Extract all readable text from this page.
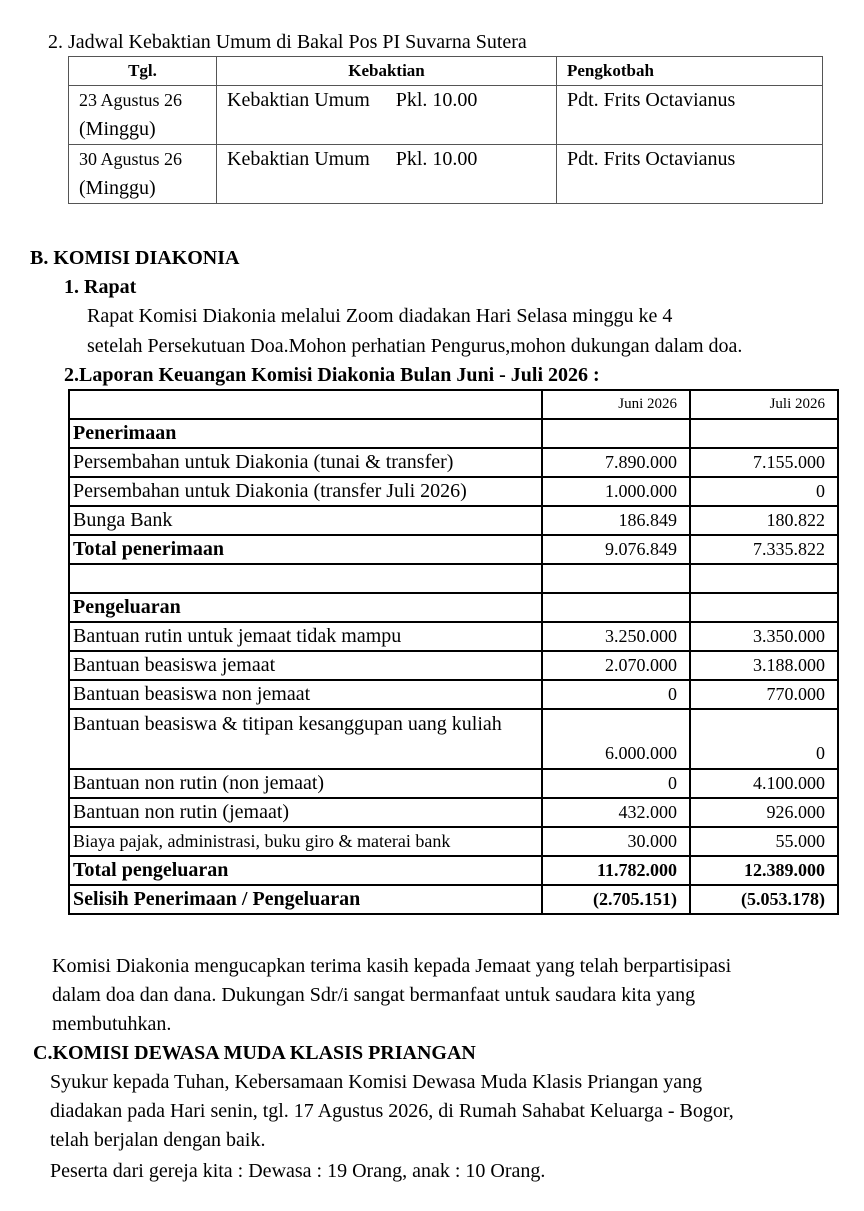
2. Jadwal Kebaktian Umum di Bakal Pos PI Suvarna Sutera
Tgl.	Kebaktian	Pengkotbah
23 Agustus 26
(Minggu)	Kebaktian Umum Pkl. 10.00	Pdt. Frits Octavianus
30 Agustus 26
(Minggu)	Kebaktian Umum Pkl. 10.00	Pdt. Frits Octavianus
B. KOMISI DIAKONIA
1. Rapat
Rapat Komisi Diakonia melalui Zoom diadakan Hari Selasa minggu ke 4
setelah Persekutuan Doa.Mohon perhatian Pengurus,mohon dukungan dalam doa.
2.Laporan Keuangan Komisi Diakonia Bulan Juni - Juli 2026 :
	Juni 2026	Juli 2026
Penerimaan		
Persembahan untuk Diakonia (tunai & transfer)	7.890.000	7.155.000
Persembahan untuk Diakonia (transfer Juli 2026)	1.000.000	0
Bunga Bank	186.849	180.822
Total penerimaan	9.076.849	7.335.822

Pengeluaran		
Bantuan rutin untuk jemaat tidak mampu	3.250.000	3.350.000
Bantuan beasiswa jemaat	2.070.000	3.188.000
Bantuan beasiswa non jemaat	0	770.000
Bantuan beasiswa & titipan kesanggupan uang kuliah	6.000.000	0
Bantuan non rutin (non jemaat)	0	4.100.000
Bantuan non rutin (jemaat)	432.000	926.000
Biaya pajak, administrasi, buku giro & materai bank	30.000	55.000
Total pengeluaran	11.782.000	12.389.000
Selisih Penerimaan / Pengeluaran	(2.705.151)	(5.053.178)
Komisi Diakonia mengucapkan terima kasih kepada Jemaat yang telah berpartisipasi
dalam doa dan dana. Dukungan Sdr/i sangat bermanfaat untuk saudara kita yang
membutuhkan.
C.KOMISI DEWASA MUDA KLASIS PRIANGAN
Syukur kepada Tuhan, Kebersamaan Komisi Dewasa Muda Klasis Priangan yang
diadakan pada Hari senin, tgl. 17 Agustus 2026, di Rumah Sahabat Keluarga - Bogor,
telah berjalan dengan baik.
Peserta dari gereja kita : Dewasa : 19 Orang, anak : 10 Orang.
